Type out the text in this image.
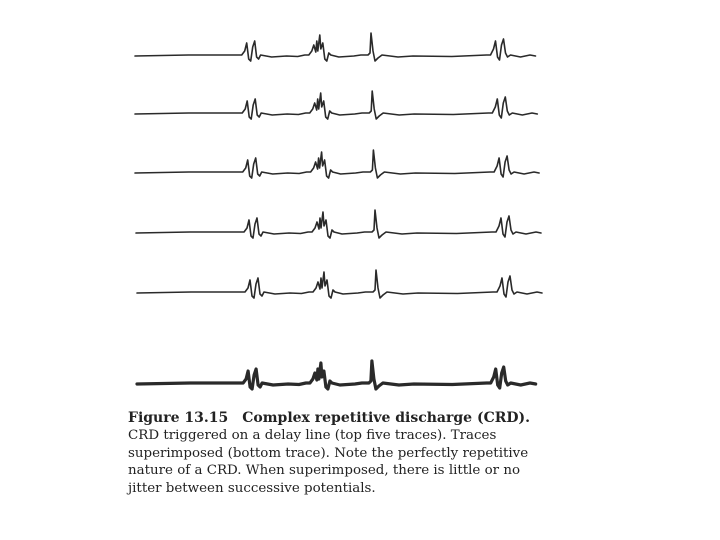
Figure 13.15 Complex repetitive discharge (CRD). CRD triggered on a delay line (top five traces). Traces superimposed (bottom trace). Note the perfectly repetitive nature of a CRD. When superimposed, there is little or no jitter between successive potentials.
